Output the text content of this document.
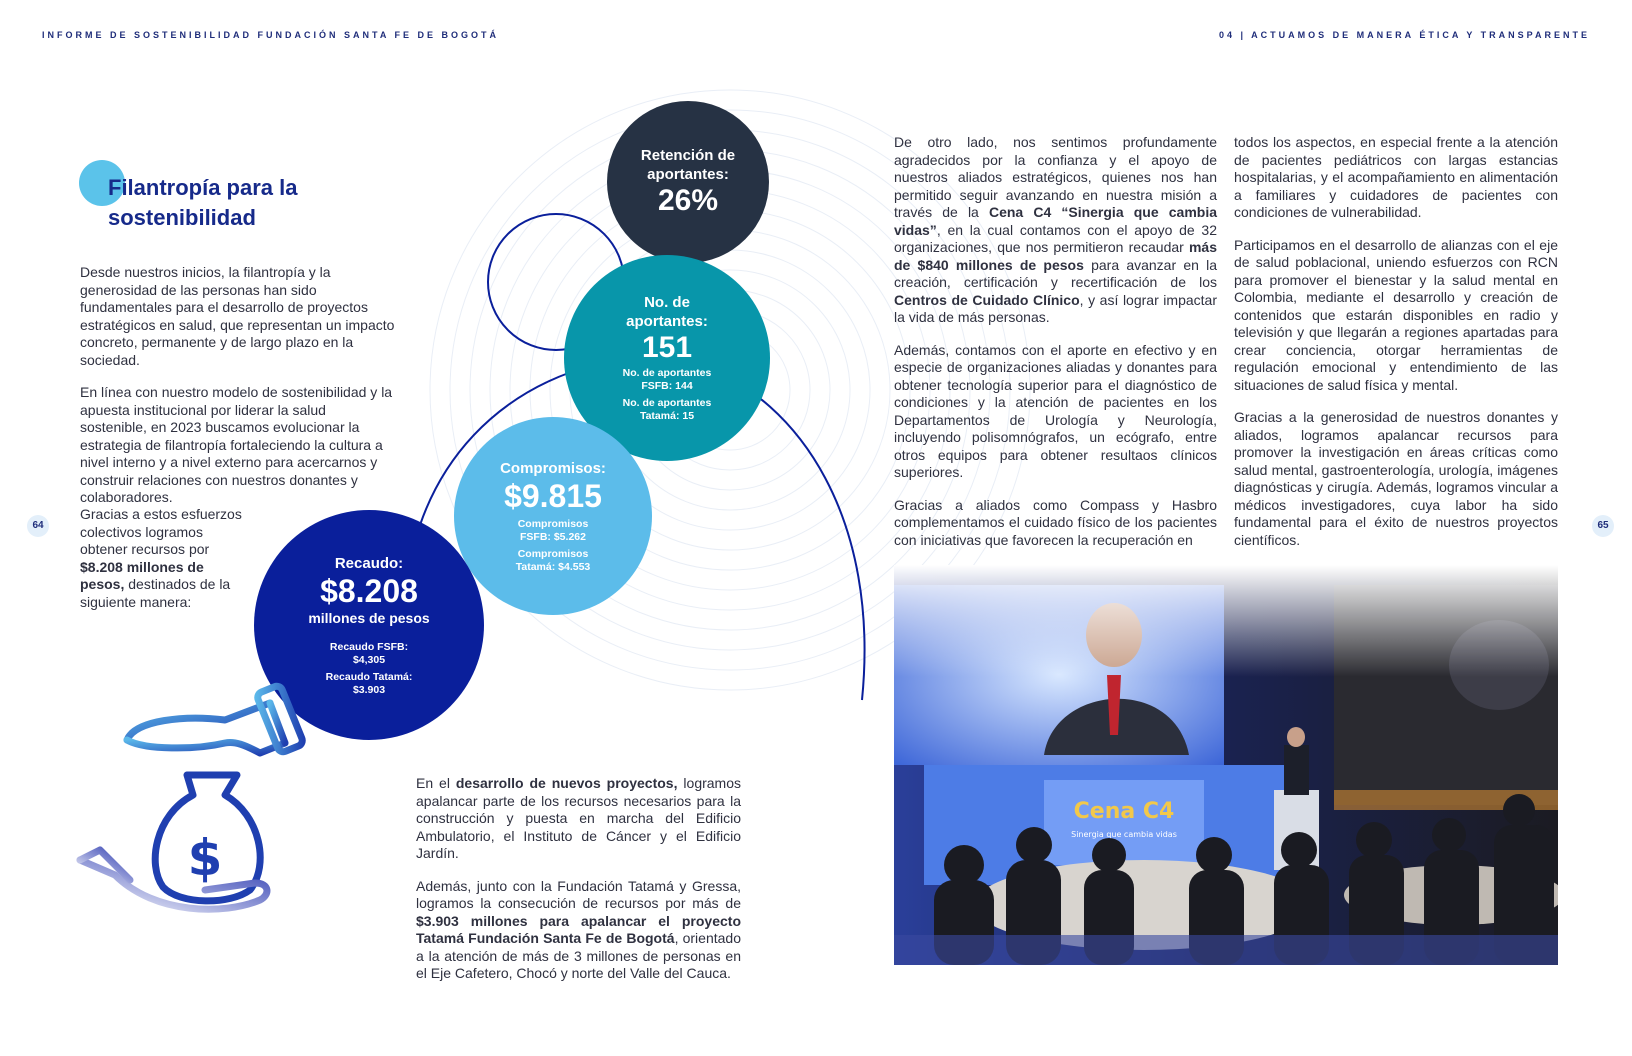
INFORME DE SOSTENIBILIDAD FUNDACIÓN SANTA FE DE BOGOTÁ	04 | ACTUAMOS DE MANERA ÉTICA Y TRANSPARENTE
64	65
Filantropía para la sostenibilidad

Desde nuestros inicios, la filantropía y la generosidad de las personas han sido fundamentales para el desarrollo de proyectos estratégicos en salud, que representan un impacto concreto, permanente y de largo plazo en la sociedad.

En línea con nuestro modelo de sostenibilidad y la apuesta institucional por liderar la salud sostenible, en 2023 buscamos evolucionar la estrategia de filantropía fortaleciendo la cultura a nivel interno y a nivel externo para acercarnos y construir relaciones con nuestros donantes y colaboradores.

Gracias a estos esfuerzos colectivos logramos obtener recursos por $8.208 millones de pesos, destinados de la siguiente manera:

Retención de aportantes:
26%
No. de aportantes:
151
No. de aportantes FSFB: 144
No. de aportantes Tatamá: 15
Compromisos:
$9.815
Compromisos FSFB: $5.262
Compromisos Tatamá: $4.553
Recaudo:
$8.208
millones de pesos
Recaudo FSFB: $4,305
Recaudo Tatamá: $3.903
$

En el desarrollo de nuevos proyectos, logramos apalancar parte de los recursos necesarios para la construcción y puesta en marcha del Edificio Ambulatorio, el Instituto de Cáncer y el Edificio Jardín.

Además, junto con la Fundación Tatamá y Gressa, logramos la consecución de recursos por más de $3.903 millones para apalancar el proyecto Tatamá Fundación Santa Fe de Bogotá, orientado a la atención de más de 3 millones de personas en el Eje Cafetero, Chocó y norte del Valle del Cauca.

De otro lado, nos sentimos profundamente agradecidos por la confianza y el apoyo de nuestros aliados estratégicos, quienes nos han permitido seguir avanzando en nuestra misión a través de la Cena C4 “Sinergia que cambia vidas”, en la cual contamos con el apoyo de 32 organizaciones, que nos permitieron recaudar más de $840 millones de pesos para avanzar en la creación, certificación y recertificación de los Centros de Cuidado Clínico, y así lograr impactar la vida de más personas.

Además, contamos con el aporte en efectivo y en especie de organizaciones aliadas y donantes para obtener tecnología superior para el diagnóstico de condiciones y la atención de pacientes en los Departamentos de Urología y Neurología, incluyendo polisomnógrafos, un ecógrafo, entre otros equipos para obtener resultaos clínicos superiores.

Gracias a aliados como Compass y Hasbro complementamos el cuidado físico de los pacientes con iniciativas que favorecen la recuperación en

todos los aspectos, en especial frente a la atención de pacientes pediátricos con largas estancias hospitalarias, y el acompañamiento en alimentación a familiares y cuidadores de pacientes con condiciones de vulnerabilidad.

Participamos en el desarrollo de alianzas con el eje de salud poblacional, uniendo esfuerzos con RCN para promover el bienestar y la salud mental en Colombia, mediante el desarrollo y creación de contenidos que estarán disponibles en radio y televisión y que llegarán a regiones apartadas para crear conciencia, otorgar herramientas de regulación emocional y entendimiento de las situaciones de salud física y mental.

Gracias a la generosidad de nuestros donantes y aliados, logramos apalancar recursos para promover la investigación en áreas críticas como salud mental, gastroenterología, urología, imágenes diagnósticas y cirugía. Además, logramos vincular a médicos investigadores, cuya labor ha sido fundamental para el éxito de nuestros proyectos científicos.
